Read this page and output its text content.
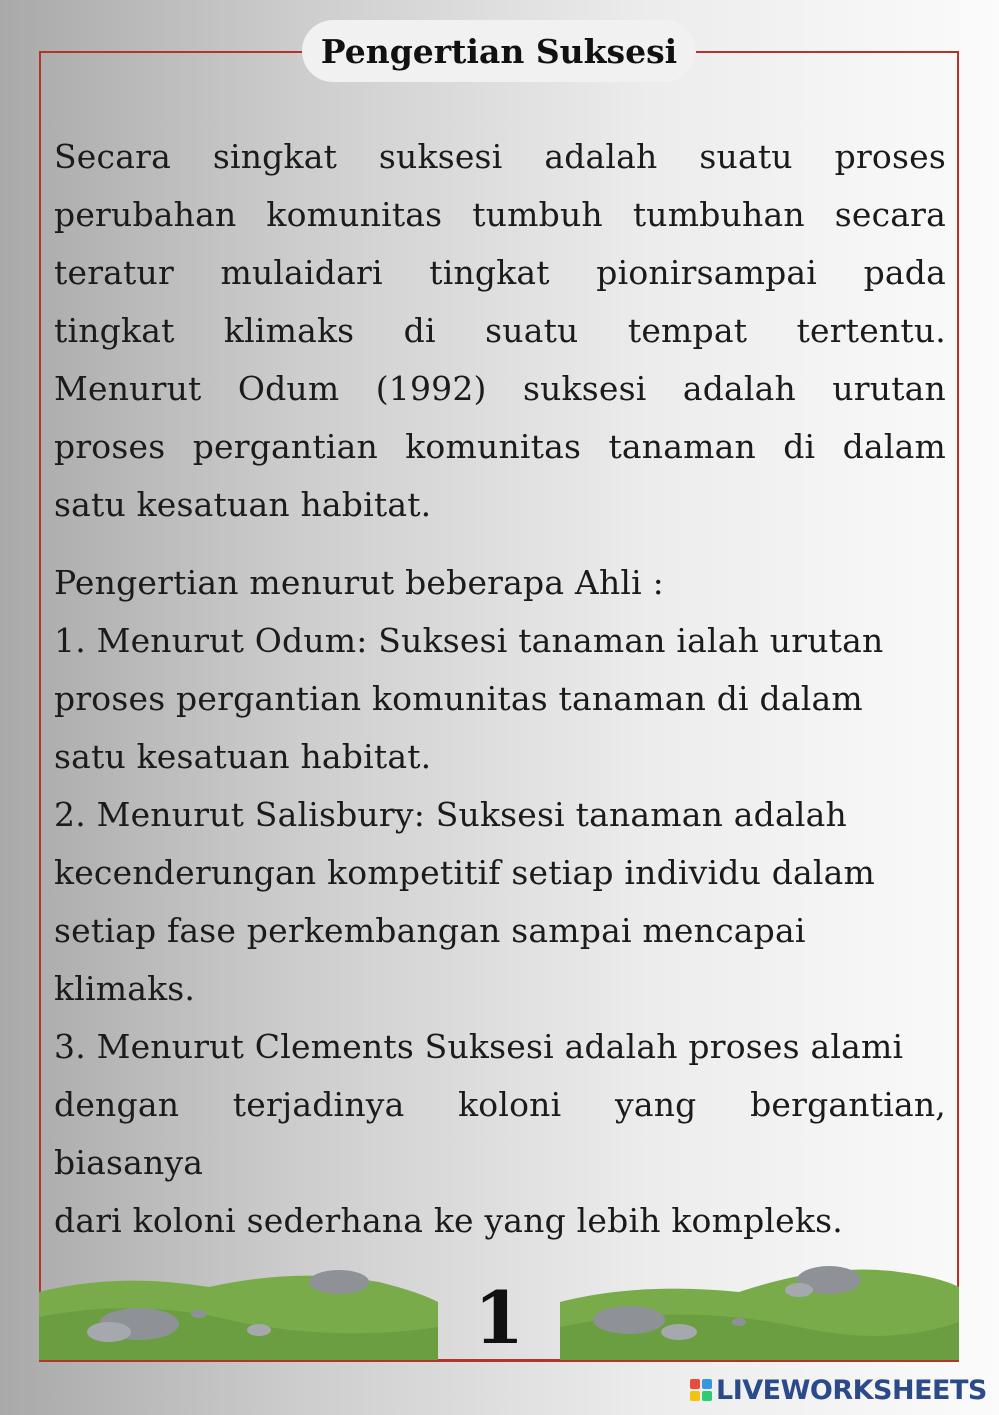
Pengertian Suksesi
Secara singkat suksesi adalah suatu proses
perubahan komunitas tumbuh tumbuhan secara
teratur mulaidari tingkat pionirsampai pada
tingkat klimaks di suatu tempat tertentu.
Menurut Odum (1992) suksesi adalah urutan
proses pergantian komunitas tanaman di dalam
satu kesatuan habitat.
Pengertian menurut beberapa Ahli :
1. Menurut Odum: Suksesi tanaman ialah urutan
proses pergantian komunitas tanaman di dalam
satu kesatuan habitat.
2. Menurut Salisbury: Suksesi tanaman adalah
kecenderungan kompetitif setiap individu dalam
setiap fase perkembangan sampai mencapai
klimaks.
3. Menurut Clements Suksesi adalah proses alami
dengan terjadinya koloni yang bergantian,
biasanya
dari koloni sederhana ke yang lebih kompleks.
1
LIVEWORKSHEETS
